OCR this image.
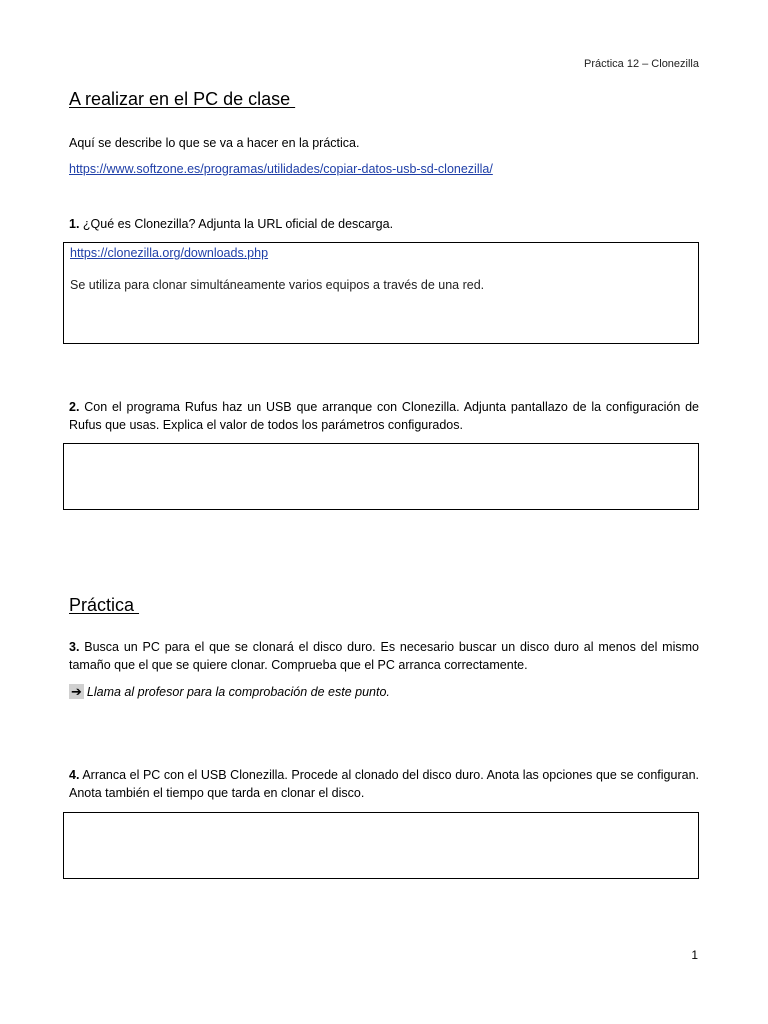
Práctica 12 – Clonezilla
A realizar en el PC de clase
Aquí se describe lo que se va a hacer en la práctica.
https://www.softzone.es/programas/utilidades/copiar-datos-usb-sd-clonezilla/
1. ¿Qué es Clonezilla? Adjunta la URL oficial de descarga.
https://clonezilla.org/downloads.php
Se utiliza para clonar simultáneamente varios equipos a través de una red.
2. Con el programa Rufus haz un USB que arranque con Clonezilla. Adjunta pantallazo de la configuración de Rufus que usas. Explica el valor de todos los parámetros configurados.
Práctica
3. Busca un PC para el que se clonará el disco duro. Es necesario buscar un disco duro al menos del mismo tamaño que el que se quiere clonar. Comprueba que el PC arranca correctamente.
➔ Llama al profesor para la comprobación de este punto.
4. Arranca el PC con el USB Clonezilla. Procede al clonado del disco duro. Anota las opciones que se configuran. Anota también el tiempo que tarda en clonar el disco.
1
